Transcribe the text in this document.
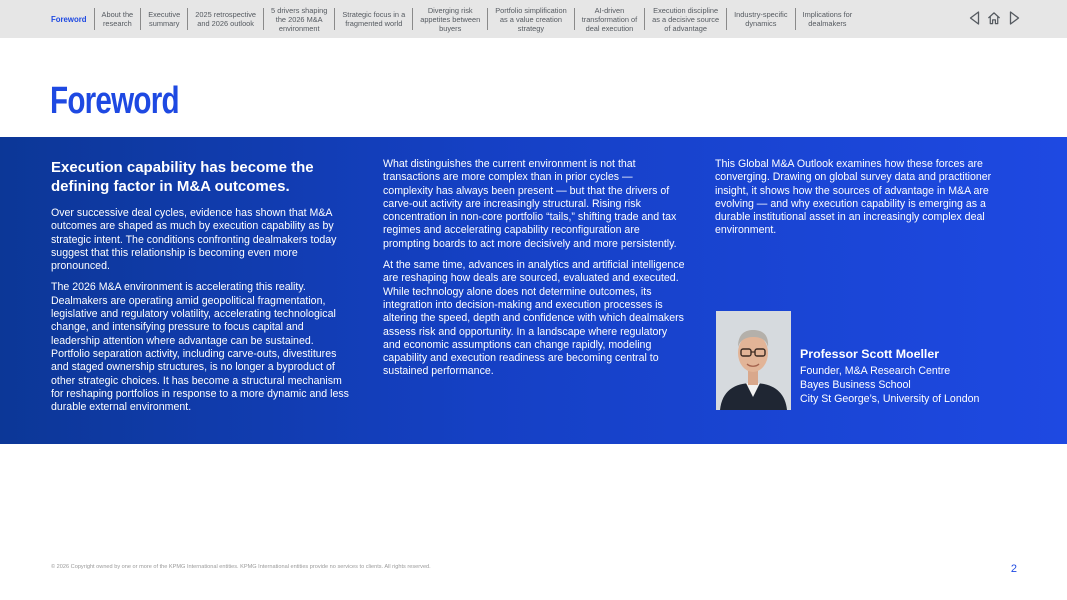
Foreword About the
research
Executive
summary
2025 retrospective
and 2026 outlook
5 drivers shaping
the 2026 M&A
environment
Strategic focus in a
fragmented world
Diverging risk
appetites between
buyers
Portfolio simplification
as a value creation
strategy
AI-driven
transformation of
deal execution
Execution discipline
as a decisive source
of advantage
Industry-specific
dynamics
Implications for
dealmakers
Foreword
Execution capability has become the defining factor in M&A outcomes.

Over successive deal cycles, evidence has shown that M&A outcomes are shaped as much by execution capability as by strategic intent. The conditions confronting dealmakers today suggest that this relationship is becoming even more pronounced.

The 2026 M&A environment is accelerating this reality. Dealmakers are operating amid geopolitical fragmentation, legislative and regulatory volatility, accelerating technological change, and intensifying pressure to focus capital and leadership attention where advantage can be sustained. Portfolio separation activity, including carve-outs, divestitures and staged ownership structures, is no longer a byproduct of other strategic choices. It has become a structural mechanism for reshaping portfolios in response to a more dynamic and less durable external environment.

What distinguishes the current environment is not that transactions are more complex than in prior cycles — complexity has always been present — but that the drivers of carve-out activity are increasingly structural. Rising risk concentration in non-core portfolio “tails,” shifting trade and tax regimes and accelerating capability reconfiguration are prompting boards to act more decisively and more persistently.

At the same time, advances in analytics and artificial intelligence are reshaping how deals are sourced, evaluated and executed. While technology alone does not determine outcomes, its integration into decision-making and execution processes is altering the speed, depth and confidence with which dealmakers assess risk and opportunity. In a landscape where regulatory and economic assumptions can change rapidly, modeling capability and execution readiness are becoming central to sustained performance.

This Global M&A Outlook examines how these forces are converging. Drawing on global survey data and practitioner insight, it shows how the sources of advantage in M&A are evolving — and why execution capability is emerging as a durable institutional asset in an increasingly complex deal environment.

Professor Scott Moeller
Founder, M&A Research Centre
Bayes Business School
City St George’s, University of London
© 2026 Copyright owned by one or more of the KPMG International entities. KPMG International entities provide no services to clients. All rights reserved.	2
